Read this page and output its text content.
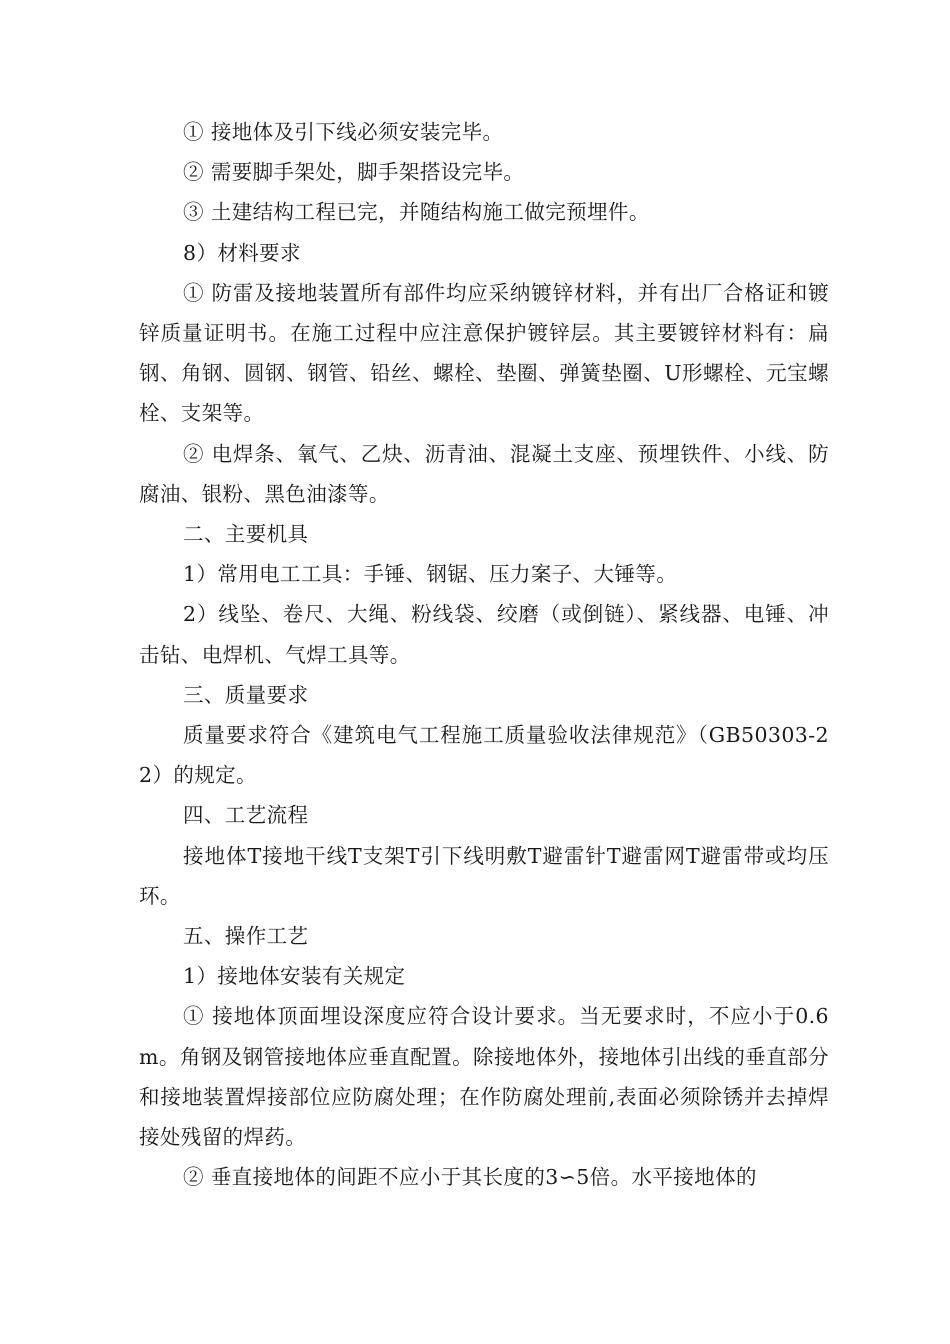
① 接地体及引下线必须安装完毕。

② 需要脚手架处，脚手架搭设完毕。

③ 土建结构工程已完，并随结构施工做完预埋件。

8）材料要求

① 防雷及接地装置所有部件均应采纳镀锌材料，并有出厂合格证和镀锌质量证明书。在施工过程中应注意保护镀锌层。其主要镀锌材料有：扁钢、角钢、圆钢、钢管、铅丝、螺栓、垫圈、弹簧垫圈、U形螺栓、元宝螺栓、支架等。

② 电焊条、氧气、乙炔、沥青油、混凝土支座、预埋铁件、小线、防腐油、银粉、黑色油漆等。

二、主要机具

1）常用电工工具：手锤、钢锯、压力案子、大锤等。

2）线坠、卷尺、大绳、粉线袋、绞磨（或倒链）、紧线器、电锤、冲击钻、电焊机、气焊工具等。

三、质量要求

质量要求符合《建筑电气工程施工质量验收法律规范》（GB50303-22）的规定。

四、工艺流程

接地体T接地干线T支架T引下线明敷T避雷针T避雷网T避雷带或均压环。

五、操作工艺

1）接地体安装有关规定

① 接地体顶面埋设深度应符合设计要求。当无要求时，不应小于0.6m。角钢及钢管接地体应垂直配置。除接地体外，接地体引出线的垂直部分和接地装置焊接部位应防腐处理；在作防腐处理前,表面必须除锈并去掉焊接处残留的焊药。

② 垂直接地体的间距不应小于其长度的3∽5倍。水平接地体的
